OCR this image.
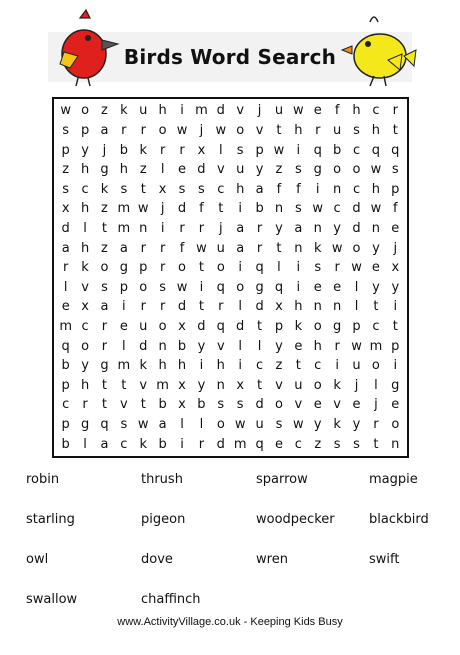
Birds Word Search
w o z k u h	i m d v	j	u w e	f h c	r
s p a r	r o w j w o v t h r u s h t
p y	j	b k r	r x	l	s p w i	q b c q q
z h g h z	l	e d v u y z s g o o w s
s c k s	t x s s c h a	f	f	i	n c h p
x h z m w j	d f	t	i	b n s w c d w f
d	l	t m n	i	r	r	j	a r y a n y d n e
a h z a r	r	f w u a r	t n k w o y	j
r k o g p r o t o	i	q	l	i	s	r w e x
l	v s p o s w i	q o g q	i	e e	l	y y
e x a	i	r	r d t	r	l	d x h n n	l	t	i
m c	r e u o x d q d t p k o g p c	t
q o r	l	d n b y v	l	l	y e h r w m p
b y g m k h h	i	h	i	c z	t	c	i	u o	i
p h t	t v m x y n x t v u o k	j	l	g
c	r	t v t b x b s s d o v e v e	j	e
p g q s w a	l	l	o w u s w y k y r o
b	l	a c k b	i	r d m q e c z s s	t n
robin	thrush	sparrow	magpie
starling	pigeon	woodpecker	blackbird
owl	dove	wren	swift
swallow	chaffinch
www.ActivityVillage.co.uk - Keeping Kids Busy
